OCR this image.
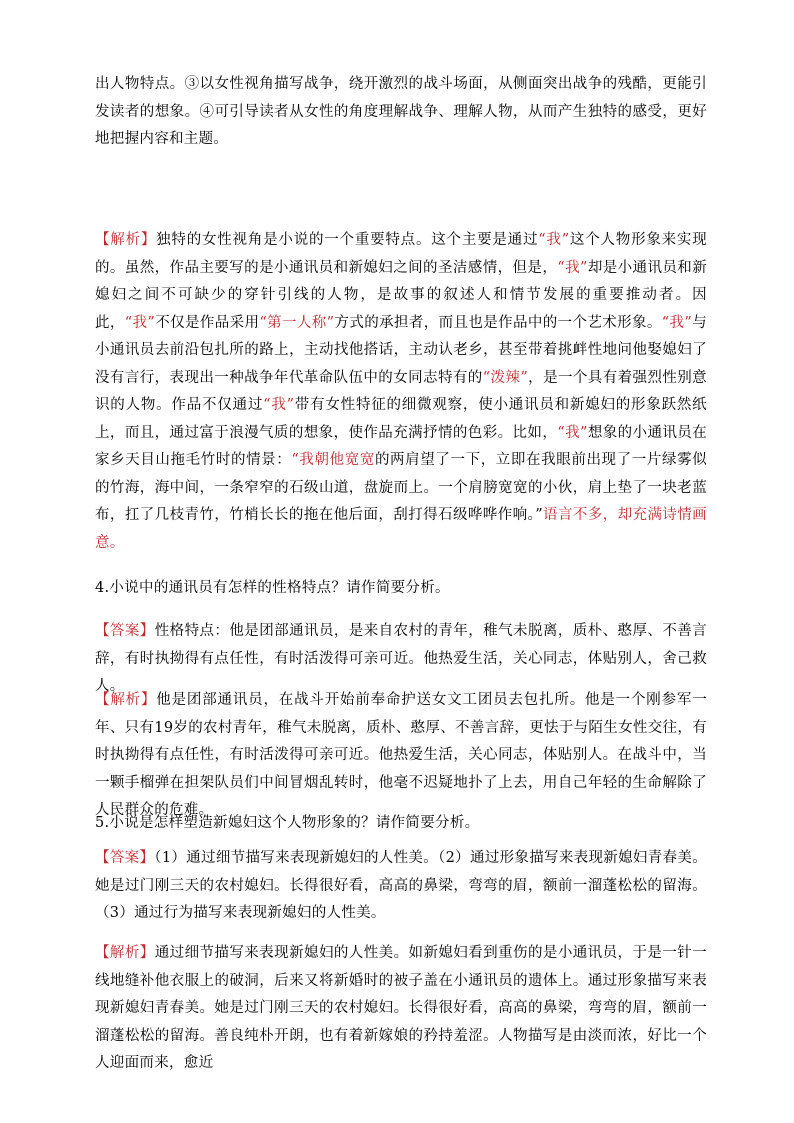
出人物特点。③以女性视角描写战争，绕开激烈的战斗场面，从侧面突出战争的残酷，更能引发读者的想象。④可引导读者从女性的角度理解战争、理解人物，从而产生独特的感受，更好地把握内容和主题。

【解析】独特的女性视角是小说的一个重要特点。这个主要是通过“我”这个人物形象来实现的。虽然，作品主要写的是小通讯员和新媳妇之间的圣洁感情，但是，“我”却是小通讯员和新媳妇之间不可缺少的穿针引线的人物，是故事的叙述人和情节发展的重要推动者。因此，“我”不仅是作品采用“第一人称”方式的承担者，而且也是作品中的一个艺术形象。“我”与小通讯员去前沿包扎所的路上，主动找他搭话，主动认老乡，甚至带着挑衅性地问他娶媳妇了没有言行，表现出一种战争年代革命队伍中的女同志特有的“泼辣”，是一个具有着强烈性别意识的人物。作品不仅通过“我”带有女性特征的细微观察，使小通讯员和新媳妇的形象跃然纸上，而且，通过富于浪漫气质的想象，使作品充满抒情的色彩。比如，“我”想象的小通讯员在家乡天目山拖毛竹时的情景：“我朝他宽宽的两肩望了一下，立即在我眼前出现了一片绿雾似的竹海，海中间，一条窄窄的石级山道，盘旋而上。一个肩膀宽宽的小伙，肩上垫了一块老蓝布，扛了几枝青竹，竹梢长长的拖在他后面，刮打得石级哗哗作响。”语言不多，却充满诗情画意。

4.小说中的通讯员有怎样的性格特点？请作简要分析。

【答案】性格特点：他是团部通讯员，是来自农村的青年，稚气未脱离，质朴、憨厚、不善言辞，有时执拗得有点任性，有时活泼得可亲可近。他热爱生活，关心同志，体贴别人，舍己救人。

【解析】他是团部通讯员，在战斗开始前奉命护送女文工团员去包扎所。他是一个刚参军一年、只有19岁的农村青年，稚气未脱离，质朴、憨厚、不善言辞，更怯于与陌生女性交往，有时执拗得有点任性，有时活泼得可亲可近。他热爱生活，关心同志，体贴别人。在战斗中，当一颗手榴弹在担架队员们中间冒烟乱转时，他毫不迟疑地扑了上去，用自己年轻的生命解除了人民群众的危难。

5.小说是怎样塑造新媳妇这个人物形象的？请作简要分析。

【答案】（1）通过细节描写来表现新媳妇的人性美。（2）通过形象描写来表现新媳妇青春美。她是过门刚三天的农村媳妇。长得很好看，高高的鼻梁，弯弯的眉，额前一溜蓬松松的留海。（3）通过行为描写来表现新媳妇的人性美。

【解析】通过细节描写来表现新媳妇的人性美。如新媳妇看到重伤的是小通讯员，于是一针一线地缝补他衣服上的破洞，后来又将新婚时的被子盖在小通讯员的遗体上。通过形象描写来表现新媳妇青春美。她是过门刚三天的农村媳妇。长得很好看，高高的鼻梁，弯弯的眉，额前一溜蓬松松的留海。善良纯朴开朗，也有着新嫁娘的矜持羞涩。人物描写是由淡而浓，好比一个人迎面而来，愈近
